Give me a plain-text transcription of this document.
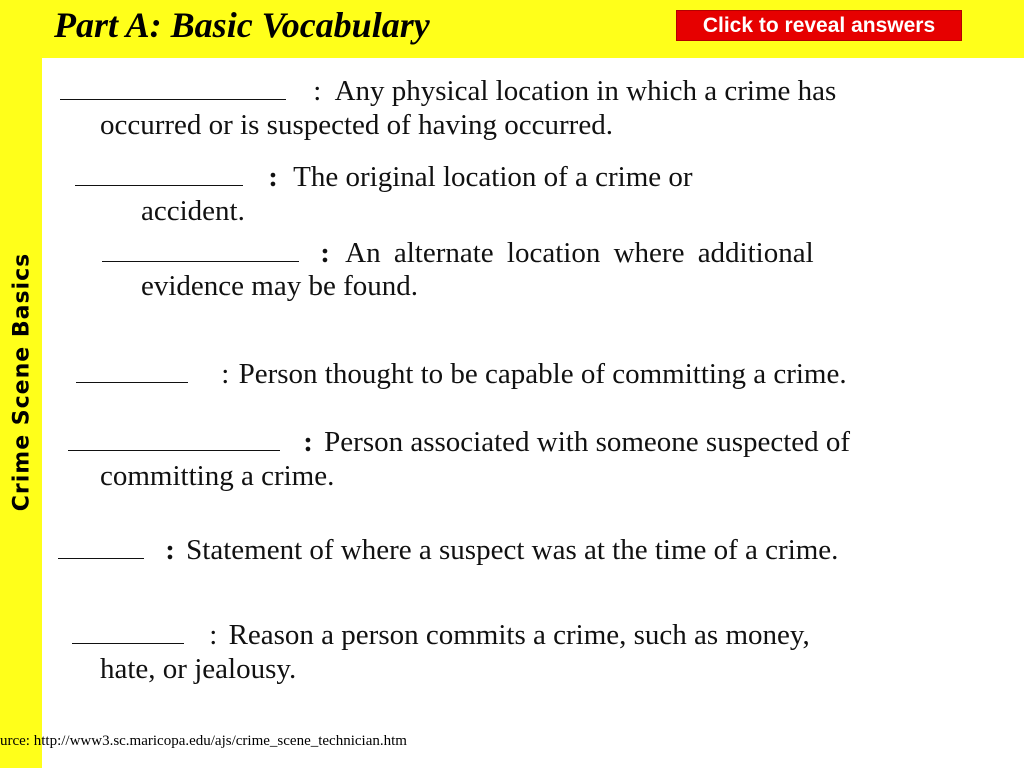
Crime Scene Basics
Part A: Basic Vocabulary	Click to reveal answers
: Any physical location in which a crime has
occurred or is suspected of having occurred.
: The original location of a crime or
accident.
: An alternate location where additional
evidence may be found.
: Person thought to be capable of committing a crime.
: Person associated with someone suspected of
committing a crime.
: Statement of where a suspect was at the time of a crime.
: Reason a person commits a crime, such as money,
hate, or jealousy.
urce: http://www3.sc.maricopa.edu/ajs/crime_scene_technician.htm
